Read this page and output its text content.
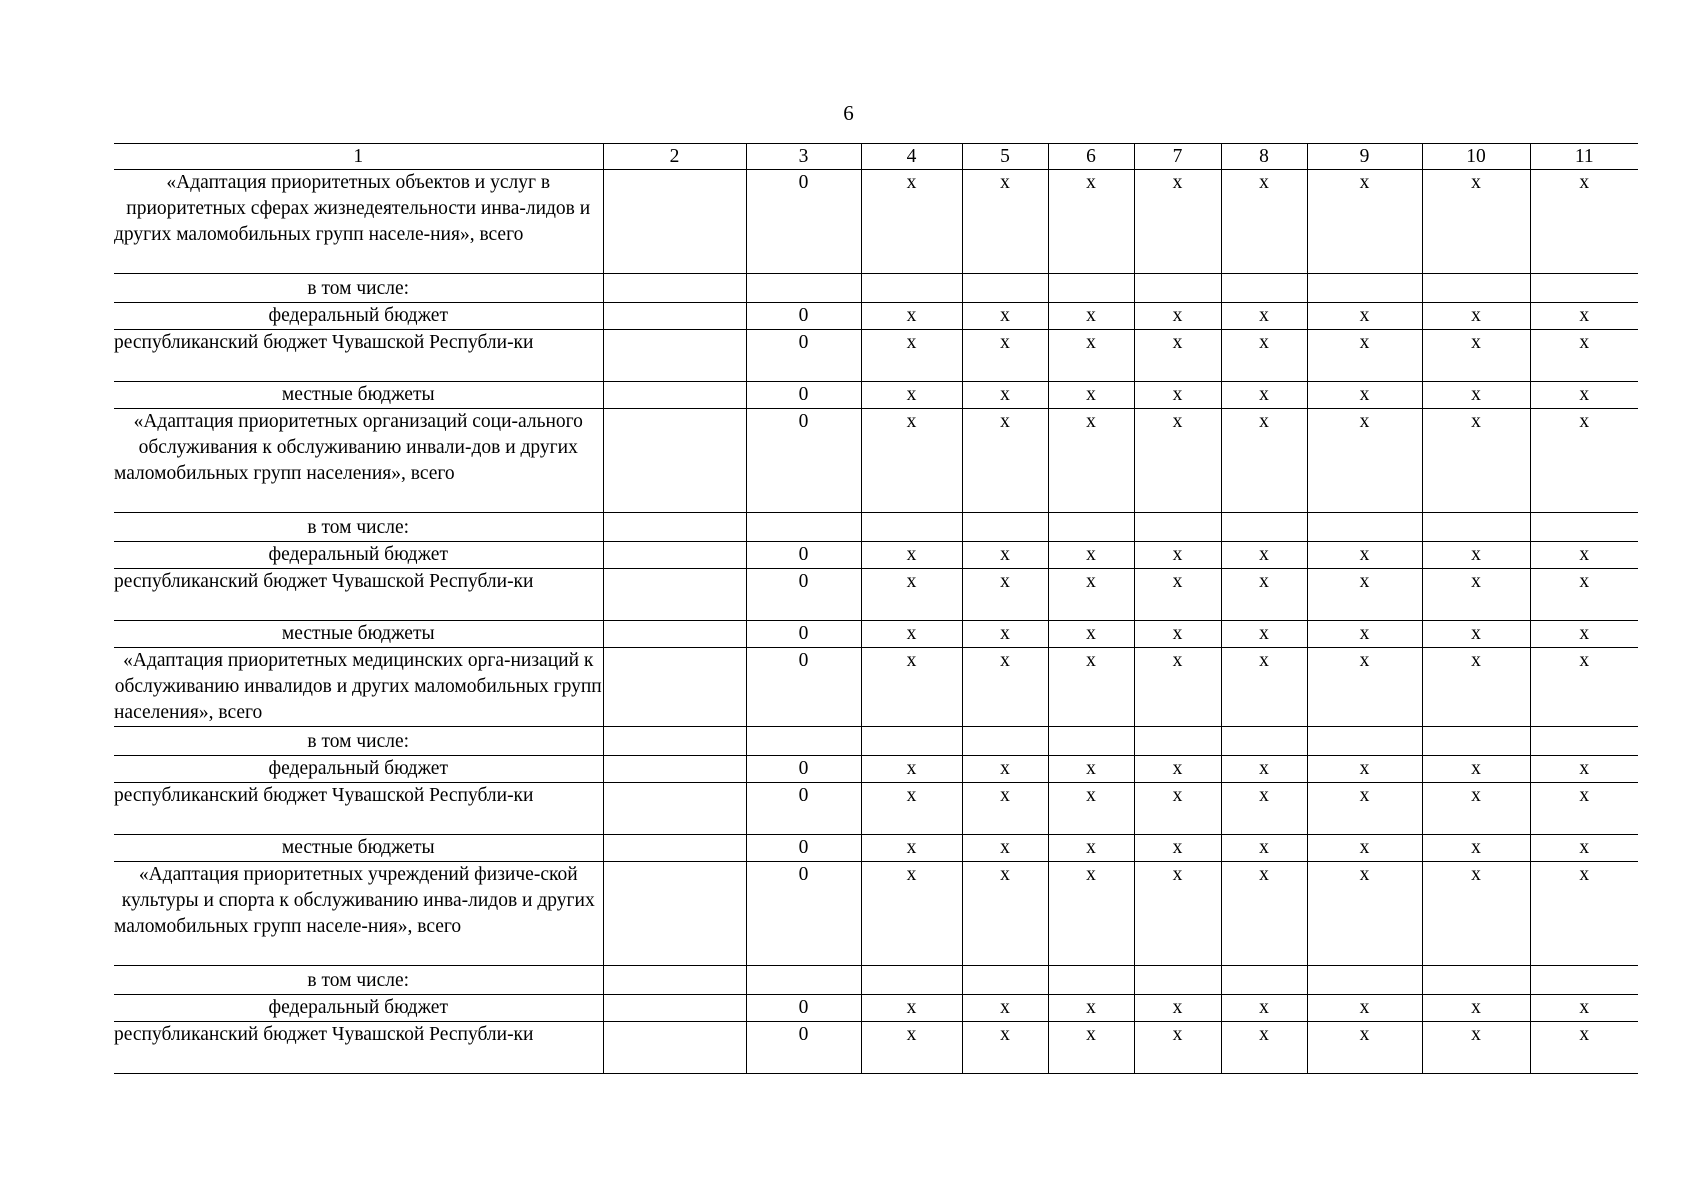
6
1	2	3	4	5	6	7	8	9	10	11
«Адаптация приоритетных объектов и услуг в приоритетных сферах жизнедеятельности инва-лидов и других маломобильных групп населе-ния», всего		0	х	х	х	х	х	х	х	х
в том числе:										
федеральный бюджет		0	х	х	х	х	х	х	х	х
республиканский бюджет Чувашской Республи-ки		0	х	х	х	х	х	х	х	х
местные бюджеты		0	х	х	х	х	х	х	х	х
«Адаптация приоритетных организаций соци-ального обслуживания к обслуживанию инвали-дов и других маломобильных групп населения», всего		0	х	х	х	х	х	х	х	х
в том числе:										
федеральный бюджет		0	х	х	х	х	х	х	х	х
республиканский бюджет Чувашской Республи-ки		0	х	х	х	х	х	х	х	х
местные бюджеты		0	х	х	х	х	х	х	х	х
«Адаптация приоритетных медицинских орга-низаций к обслуживанию инвалидов и других маломобильных групп населения», всего		0	х	х	х	х	х	х	х	х
в том числе:										
федеральный бюджет		0	х	х	х	х	х	х	х	х
республиканский бюджет Чувашской Республи-ки		0	х	х	х	х	х	х	х	х
местные бюджеты		0	х	х	х	х	х	х	х	х
«Адаптация приоритетных учреждений физиче-ской культуры и спорта к обслуживанию инва-лидов и других маломобильных групп населе-ния», всего		0	х	х	х	х	х	х	х	х
в том числе:										
федеральный бюджет		0	х	х	х	х	х	х	х	х
республиканский бюджет Чувашской Республи-ки		0	х	х	х	х	х	х	х	х
